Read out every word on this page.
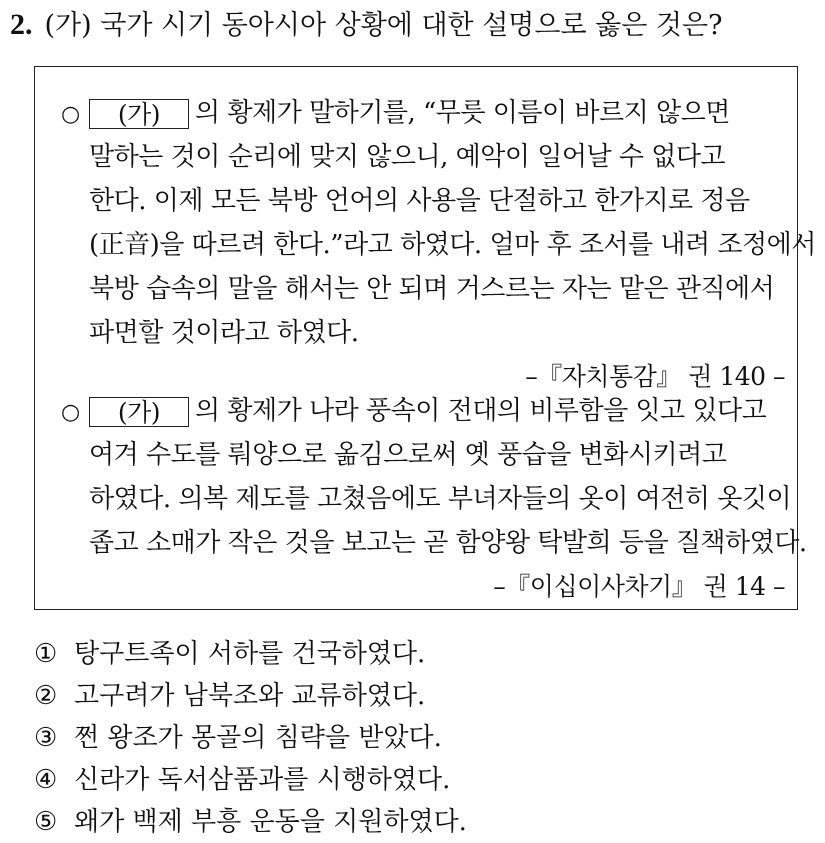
2. (가) 국가 시기 동아시아 상황에 대한 설명으로 옳은 것은?
○ (가) 의 황제가 말하기를, “무릇 이름이 바르지 않으면
말하는 것이 순리에 맞지 않으니, 예악이 일어날 수 없다고
한다. 이제 모든 북방 언어의 사용을 단절하고 한가지로 정음
(正音)을 따르려 한다.”라고 하였다. 얼마 후 조서를 내려 조정에서
북방 습속의 말을 해서는 안 되며 거스르는 자는 맡은 관직에서
파면할 것이라고 하였다.
–『자치통감』 권 140 –
○ (가) 의 황제가 나라 풍속이 전대의 비루함을 잇고 있다고
여겨 수도를 뤄양으로 옮김으로써 옛 풍습을 변화시키려고
하였다. 의복 제도를 고쳤음에도 부녀자들의 옷이 여전히 옷깃이
좁고 소매가 작은 것을 보고는 곧 함양왕 탁발희 등을 질책하였다.
–『이십이사차기』 권 14 –
① 탕구트족이 서하를 건국하였다.
② 고구려가 남북조와 교류하였다.
③ 쩐 왕조가 몽골의 침략을 받았다.
④ 신라가 독서삼품과를 시행하였다.
⑤ 왜가 백제 부흥 운동을 지원하였다.
